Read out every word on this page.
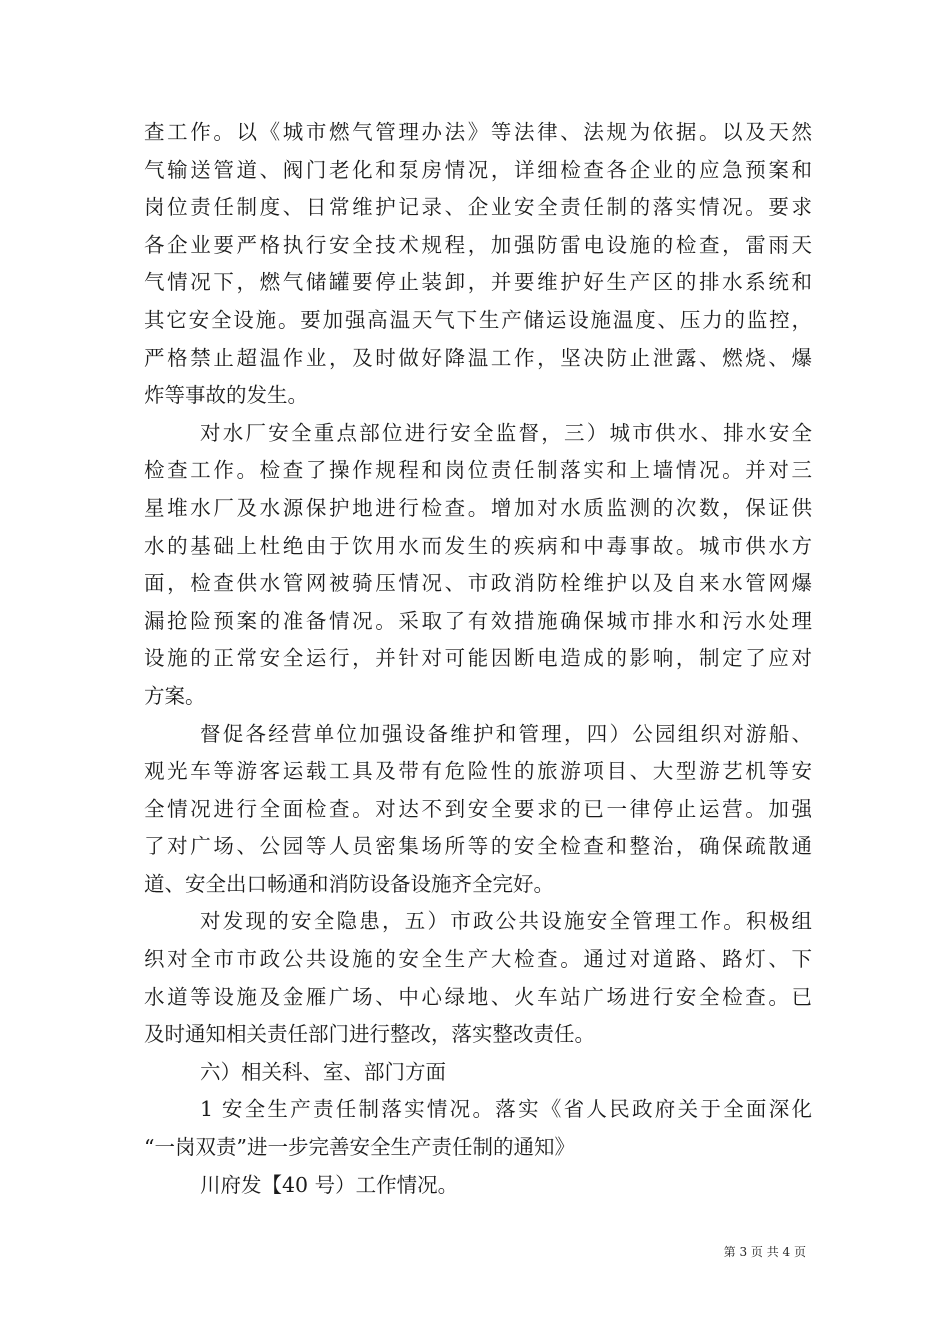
查工作。以《城市燃气管理办法》等法律、法规为依据。以及天然
气输送管道、阀门老化和泵房情况，详细检查各企业的应急预案和
岗位责任制度、日常维护记录、企业安全责任制的落实情况。要求
各企业要严格执行安全技术规程，加强防雷电设施的检查，雷雨天
气情况下，燃气储罐要停止装卸，并要维护好生产区的排水系统和
其它安全设施。要加强高温天气下生产储运设施温度、压力的监控，
严格禁止超温作业，及时做好降温工作，坚决防止泄露、燃烧、爆
炸等事故的发生。
对水厂安全重点部位进行安全监督，三）城市供水、排水安全
检查工作。检查了操作规程和岗位责任制落实和上墙情况。并对三
星堆水厂及水源保护地进行检查。增加对水质监测的次数，保证供
水的基础上杜绝由于饮用水而发生的疾病和中毒事故。城市供水方
面，检查供水管网被骑压情况、市政消防栓维护以及自来水管网爆
漏抢险预案的准备情况。采取了有效措施确保城市排水和污水处理
设施的正常安全运行，并针对可能因断电造成的影响，制定了应对
方案。
督促各经营单位加强设备维护和管理，四）公园组织对游船、
观光车等游客运载工具及带有危险性的旅游项目、大型游艺机等安
全情况进行全面检查。对达不到安全要求的已一律停止运营。加强
了对广场、公园等人员密集场所等的安全检查和整治，确保疏散通
道、安全出口畅通和消防设备设施齐全完好。
对发现的安全隐患，五）市政公共设施安全管理工作。积极组
织对全市市政公共设施的安全生产大检查。通过对道路、路灯、下
水道等设施及金雁广场、中心绿地、火车站广场进行安全检查。已
及时通知相关责任部门进行整改，落实整改责任。
六）相关科、室、部门方面
1 安全生产责任制落实情况。落实《省人民政府关于全面深化
“一岗双责”进一步完善安全生产责任制的通知》
川府发【40 号）工作情况。
第 3 页 共 4 页
